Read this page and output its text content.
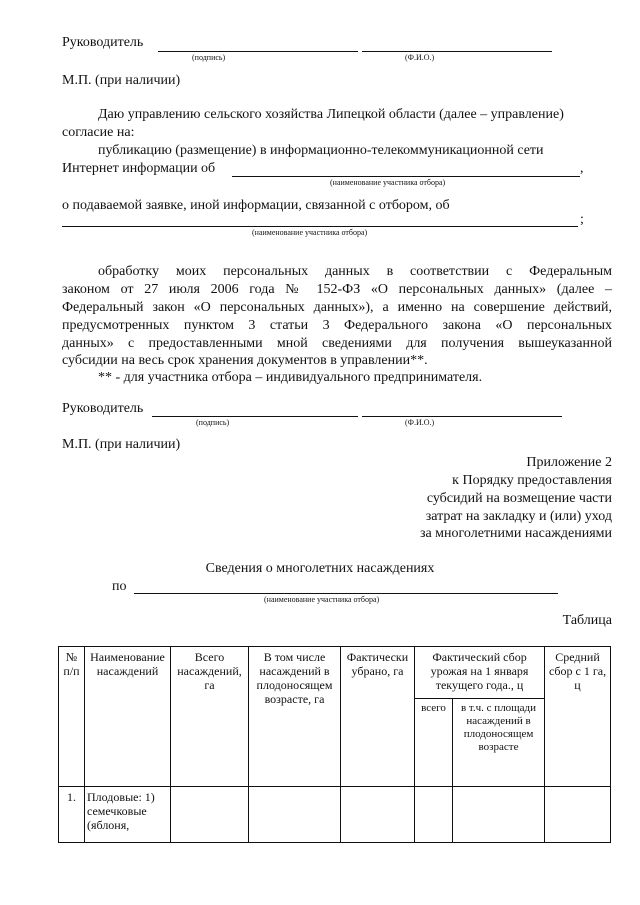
Руководитель
(подпись)	(Ф.И.О.)
М.П. (при наличии)
Даю управлению сельского хозяйства Липецкой области (далее – управление)
согласие на:
публикацию (размещение) в информационно-телекоммуникационной сети
Интернет информации об	,
(наименование участника отбора)
о подаваемой заявке, иной информации, связанной с отбором, об
;
(наименование участника отбора)
обработку моих персональных данных в соответствии с Федеральным
законом от 27 июля 2006 года № 152-ФЗ «О персональных данных» (далее –
Федеральный закон «О персональных данных»), а именно на совершение действий,
предусмотренных пунктом 3 статьи 3 Федерального закона «О персональных
данных» с предоставленными мной сведениями для получения вышеуказанной
субсидии на весь срок хранения документов в управлении**.
** - для участника отбора – индивидуального предпринимателя.
Руководитель
(подпись)	(Ф.И.О.)
М.П. (при наличии)
Приложение 2
к Порядку предоставления
субсидий на возмещение части
затрат на закладку и (или) уход
за многолетними насаждениями
Сведения о многолетних насаждениях
по
(наименование участника отбора)
Таблица
№ п/п	Наименование насаждений	Всего насаждений, га	В том числе насаждений в плодоносящем возрасте, га	Фактически убрано, га	Фактический сбор урожая на 1 января текущего года., ц		Средний сбор с 1 га, ц
					всего	в т.ч. с площади насаждений в плодоносящем возрасте	
1.	Плодовые: 1) семечковые (яблоня,						
